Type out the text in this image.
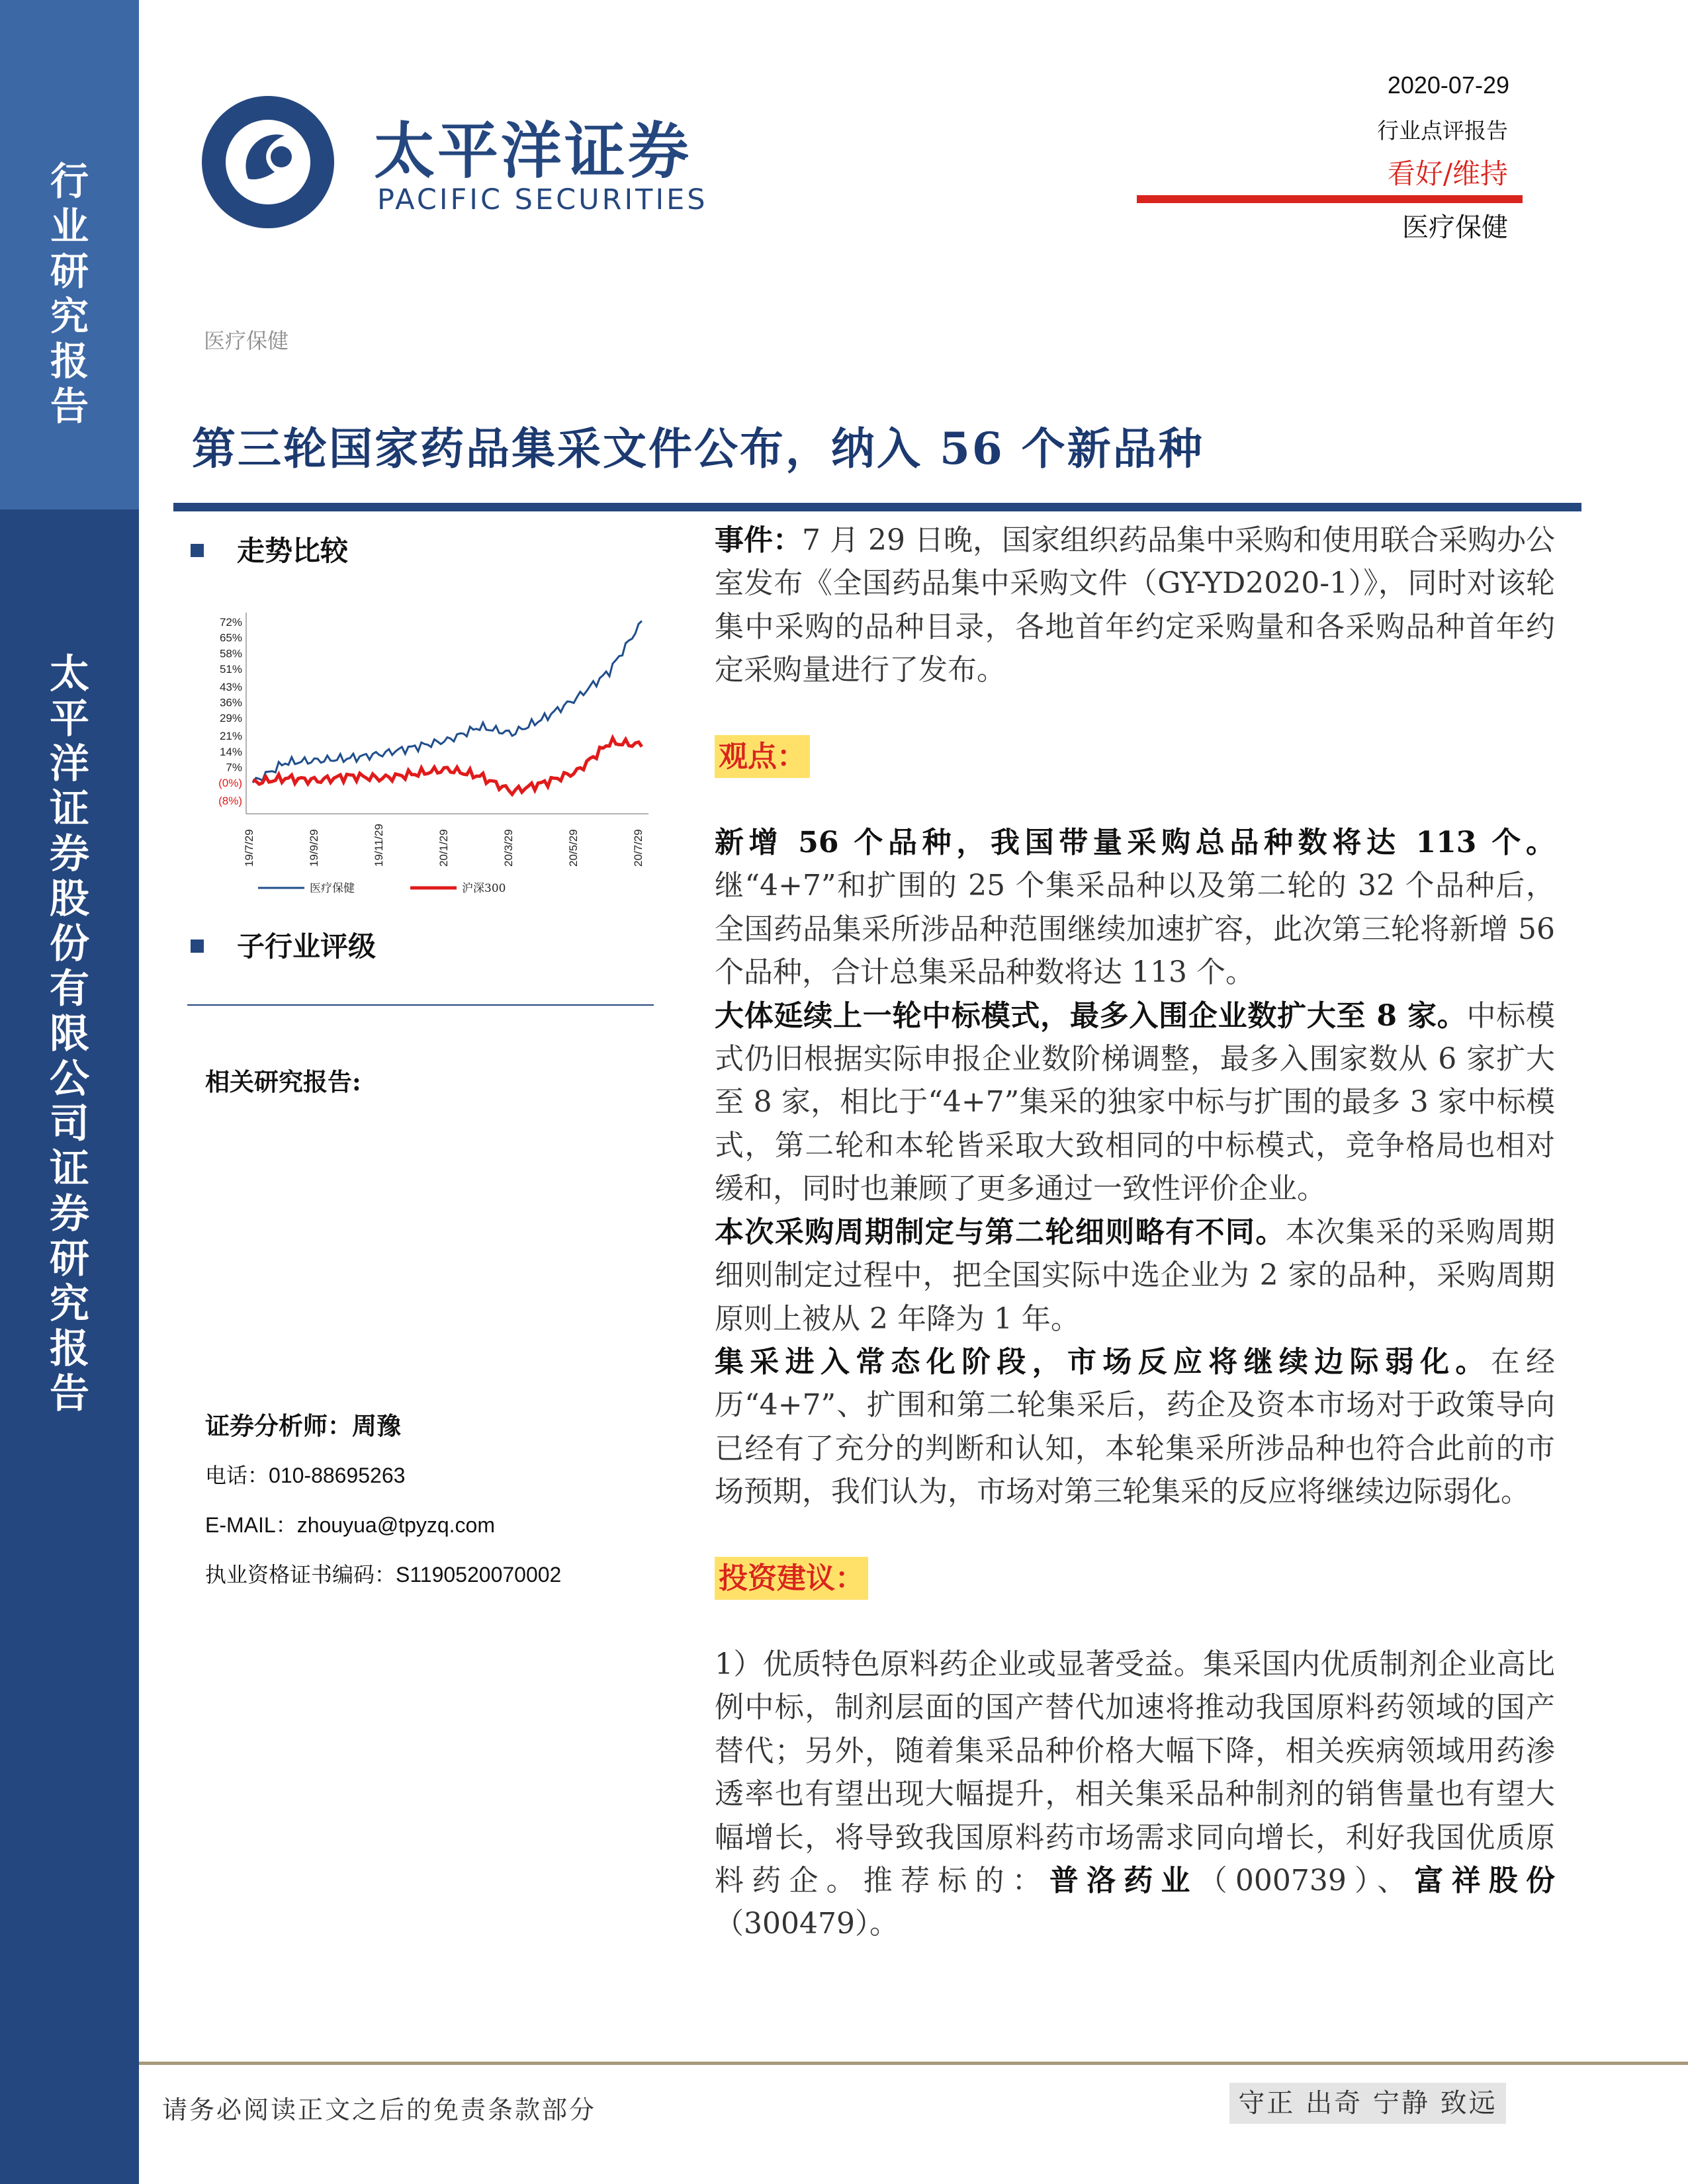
行
业
研
究
报
告
太
平
洋
证
券
股
份
有
限
公
司
证
券
研
究
报
告
太平洋证券
PACIFIC SECURITIES
2020-07-29
行业点评报告
看好/维持
医疗保健
医疗保健
第三轮国家药品集采文件公布，纳入 56 个新品种
走势比较
72%
65%
58%
51%
43%
36%
29%
21%
14%
7%
(0%)
(8%)
19/7/29	19/9/29	19/11/29	20/1/29	20/3/29	20/5/29	20/7/29
医疗保健	沪深300
子行业评级
相关研究报告:
证券分析师：周豫
电话：010-88695263
E-MAIL：zhouyua@tpyzq.com
执业资格证书编码：S1190520070002

事件：7 月 29 日晚，国家组织药品集中采购和使用联合采购办公室发布《全国药品集中采购文件（GY-YD2020-1）》，同时对该轮集中采购的品种目录，各地首年约定采购量和各采购品种首年约定采购量进行了发布。

观点：

新增 56 个品种，我国带量采购总品种数将达 113 个。继“4+7”和扩围的 25 个集采品种以及第二轮的 32 个品种后，全国药品集采所涉品种范围继续加速扩容，此次第三轮将新增 56 个品种，合计总集采品种数将达 113 个。

大体延续上一轮中标模式，最多入围企业数扩大至 8 家。中标模式仍旧根据实际申报企业数阶梯调整，最多入围家数从 6 家扩大至 8 家，相比于“4+7”集采的独家中标与扩围的最多 3 家中标模式，第二轮和本轮皆采取大致相同的中标模式，竞争格局也相对缓和，同时也兼顾了更多通过一致性评价企业。

本次采购周期制定与第二轮细则略有不同。本次集采的采购周期细则制定过程中，把全国实际中选企业为 2 家的品种，采购周期原则上被从 2 年降为 1 年。

集采进入常态化阶段，市场反应将继续边际弱化。在经历“4+7”、扩围和第二轮集采后，药企及资本市场对于政策导向已经有了充分的判断和认知，本轮集采所涉品种也符合此前的市场预期，我们认为，市场对第三轮集采的反应将继续边际弱化。

投资建议：

1）优质特色原料药企业或显著受益。集采国内优质制剂企业高比例中标，制剂层面的国产替代加速将推动我国原料药领域的国产替代；另外，随着集采品种价格大幅下降，相关疾病领域用药渗透率也有望出现大幅提升，相关集采品种制剂的销售量也有望大幅增长，将导致我国原料药市场需求同向增长，利好我国优质原料药企。推荐标的：普洛药业（000739）、富祥股份（300479）。

请务必阅读正文之后的免责条款部分	守正 出奇 宁静 致远
